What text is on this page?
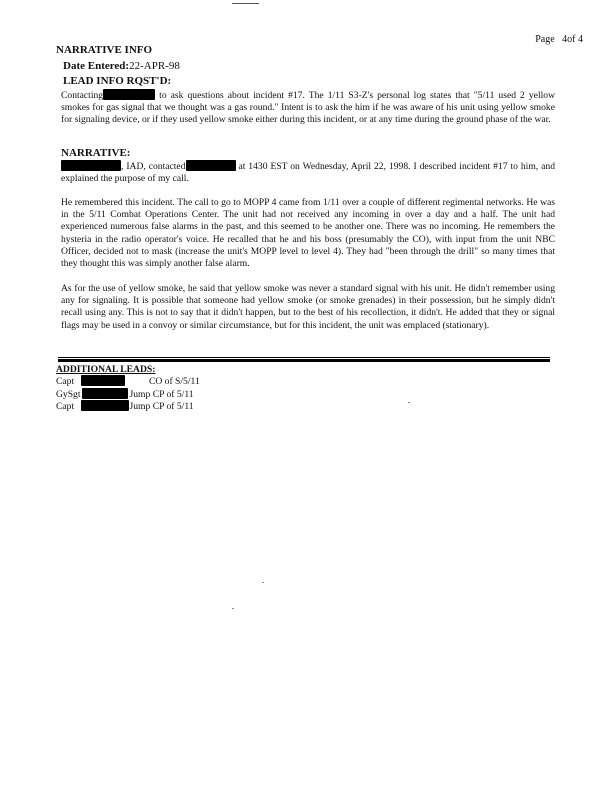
Page 4of 4
NARRATIVE INFO
Date Entered:22-APR-98
LEAD INFO RQST'D:
Contacting	to ask questions about incident #17. The 1/11 S3-Z's personal log states that "5/11 used 2 yellow smokes for gas signal that we thought was a gas round." Intent is to ask the him if he was aware of his unit using yellow smoke for signaling device, or if they used yellow smoke either during this incident, or at any time during the ground phase of the war.
NARRATIVE:
, IAD, contacted	at 1430 EST on Wednesday, April 22, 1998. I described incident #17 to him, and explained the purpose of my call.
He remembered this incident. The call to go to MOPP 4 came from 1/11 over a couple of different regimental networks. He was in the 5/11 Combat Operations Center. The unit had not received any incoming in over a day and a half. The unit had experienced numerous false alarms in the past, and this seemed to be another one. There was no incoming. He remembers the hysteria in the radio operator's voice. He recalled that he and his boss (presumably the CO), with input from the unit NBC Officer, decided not to mask (increase the unit's MOPP level to level 4). They had "been through the drill" so many times that they thought this was simply another false alarm.
As for the use of yellow smoke, he said that yellow smoke was never a standard signal with his unit. He didn't remember using any for signaling. It is possible that someone had yellow smoke (or smoke grenades) in their possession, but he simply didn't recall using any. This is not to say that it didn't happen, but to the best of his recollection, it didn't. He added that they or signal flags may be used in a convoy or similar circumstance, but for this incident, the unit was emplaced (stationary).
ADDITIONAL LEADS:
Capt	CO of S/5/11
GySgt	Jump CP of 5/11
Capt	Jump CP of 5/11
